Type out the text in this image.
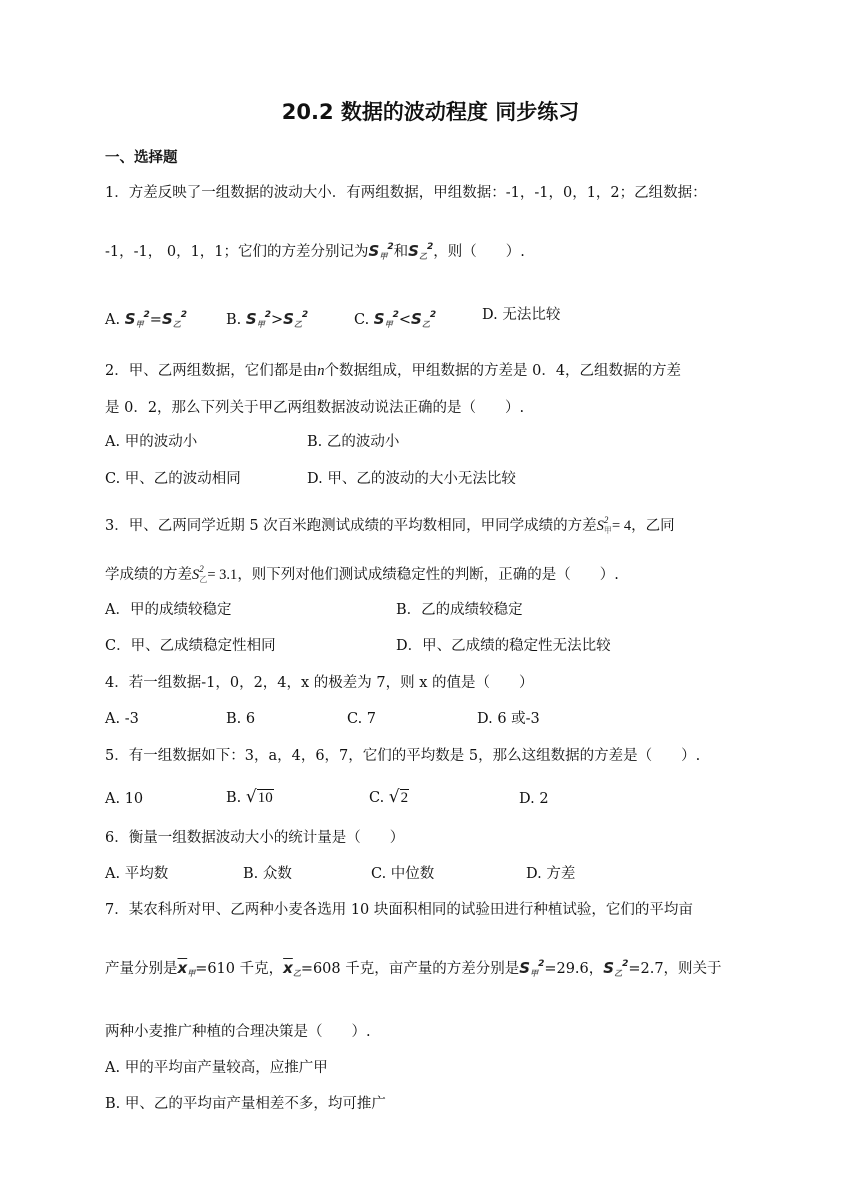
20.2 数据的波动程度 同步练习
一、选择题
1．方差反映了一组数据的波动大小．有两组数据，甲组数据：-1，-1，0，1，2；乙组数据：
-1，-1， 0，1，1；它们的方差分别记为$S_甲^2$和$S_乙^2$，则（　　）.
A. $S_甲^2=S_乙^2$	B. $S_甲^2>S_乙^2$	C. $S_甲^2<S_乙^2$	D. 无法比较
2．甲、乙两组数据，它们都是由n个数据组成，甲组数据的方差是 0．4，乙组数据的方差
是 0．2，那么下列关于甲乙两组数据波动说法正确的是（　　）.
A. 甲的波动小	B. 乙的波动小
C. 甲、乙的波动相同	D. 甲、乙的波动的大小无法比较
3．甲、乙两同学近期 5 次百米跑测试成绩的平均数相同，甲同学成绩的方差$S_甲^2 = 4$，乙同
学成绩的方差$S_乙^2 = 3.1$，则下列对他们测试成绩稳定性的判断，正确的是（　　）.
A．甲的成绩较稳定	B．乙的成绩较稳定
C．甲、乙成绩稳定性相同	D．甲、乙成绩的稳定性无法比较
4．若一组数据-1，0，2，4，x 的极差为 7，则 x 的值是（　　）
A. -3	B. 6	C. 7	D. 6 或-3
5．有一组数据如下：3，a，4，6，7，它们的平均数是 5，那么这组数据的方差是（　　）.
A. 10	B. √10	C. √2	D. 2
6．衡量一组数据波动大小的统计量是（　　）
A. 平均数	B. 众数	C. 中位数	D. 方差
7．某农科所对甲、乙两种小麦各选用 10 块面积相同的试验田进行种植试验，它们的平均亩
产量分别是$\overline{x}_甲=610$ 千克，$\overline{x}_乙=608$ 千克，亩产量的方差分别是$S_甲^2=29.6$，$S_乙^2=2.7$，则关于
两种小麦推广种植的合理决策是（　　）.
A. 甲的平均亩产量较高，应推广甲
B. 甲、乙的平均亩产量相差不多，均可推广
